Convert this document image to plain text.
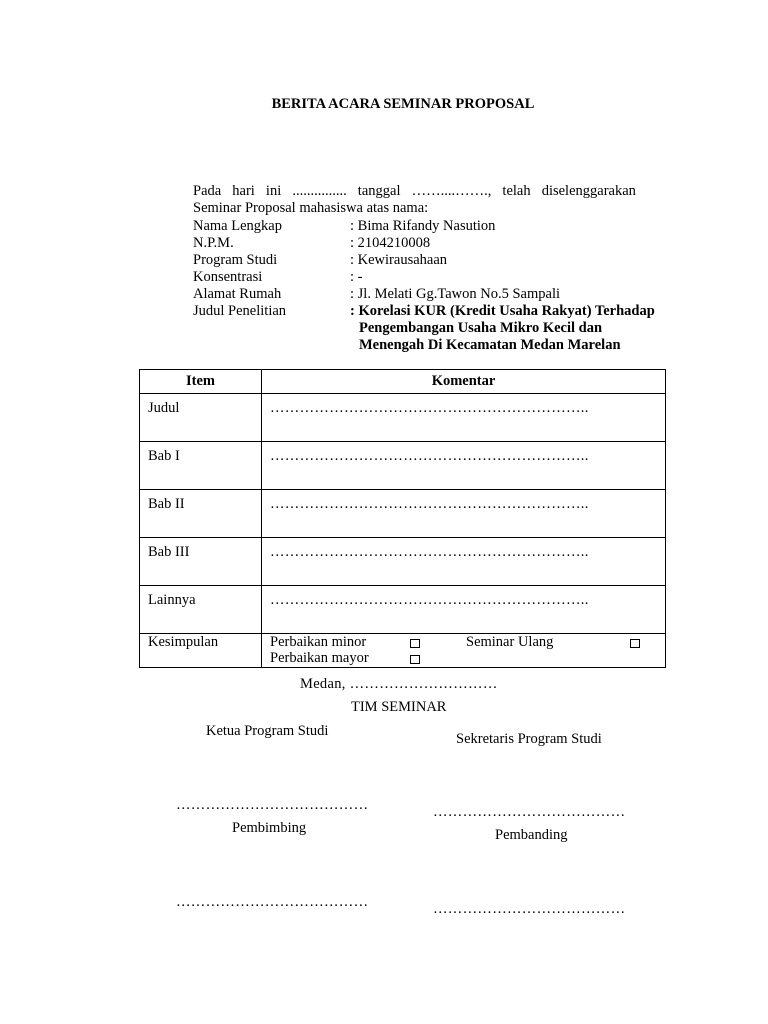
BERITA ACARA SEMINAR PROPOSAL
Pada hari ini ............... tanggal ……....……., telah diselenggarakan
Seminar Proposal mahasiswa atas nama:
Nama Lengkap	: Bima Rifandy Nasution
N.P.M.	: 2104210008
Program Studi	: Kewirausahaan
Konsentrasi	: -
Alamat Rumah	: Jl. Melati Gg.Tawon No.5 Sampali
Judul Penelitian	: Korelasi KUR (Kredit Usaha Rakyat) Terhadap
Pengembangan Usaha Mikro Kecil dan
Menengah Di Kecamatan Medan Marelan
Item	Komentar
Judul	………………………………………………………..
Bab I	………………………………………………………..
Bab II	………………………………………………………..
Bab III	………………………………………………………..
Lainnya	………………………………………………………..
Kesimpulan	Perbaikan minor Seminar Ulang
Perbaikan mayor
Medan, …………………………
TIM SEMINAR
Ketua Program Studi	Sekretaris Program Studi
…………………………………	…………………………………
Pembimbing	Pembanding
…………………………………	…………………………………
